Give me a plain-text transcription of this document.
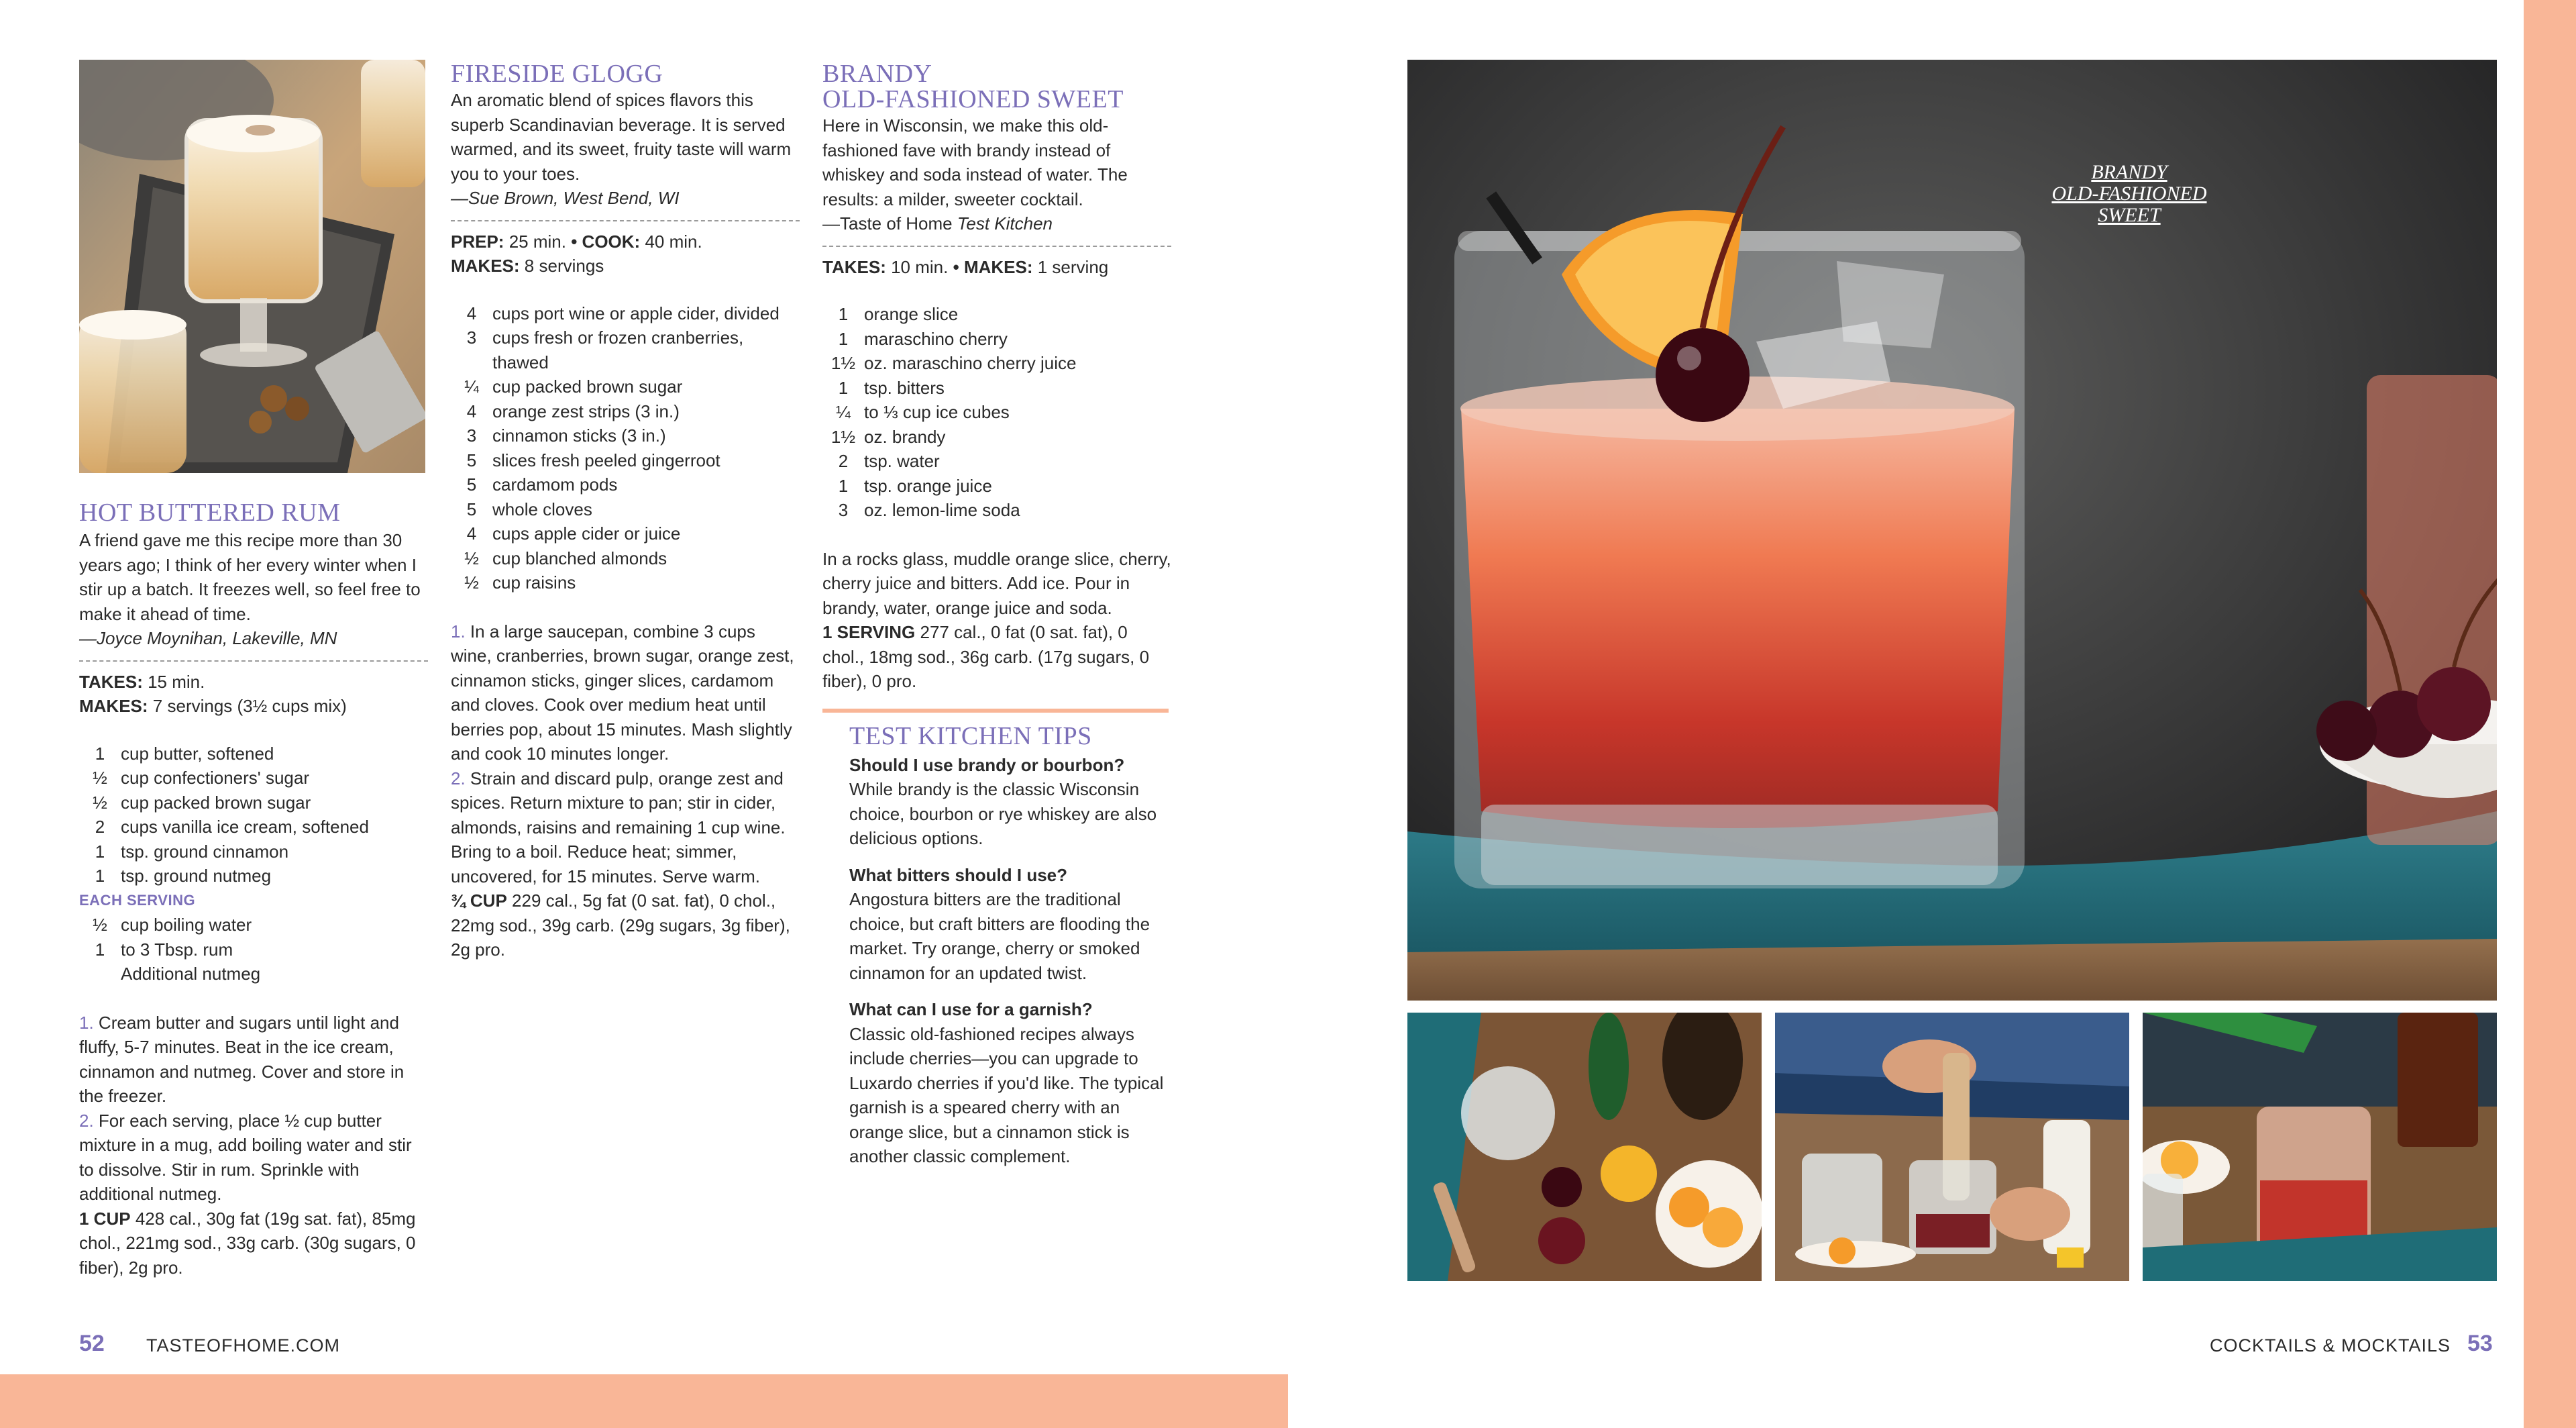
HOT BUTTERED RUM
A friend gave me this recipe more than 30 years ago; I think of her every winter when I stir up a batch. It freezes well, so feel free to make it ahead of time.
—Joyce Moynihan, Lakeville, MN
TAKES: 15 min.
MAKES: 7 servings (3½ cups mix)
1 cup butter, softened
½ cup confectioners' sugar
½ cup packed brown sugar
2 cups vanilla ice cream, softened
1 tsp. ground cinnamon
1 tsp. ground nutmeg
EACH SERVING
½ cup boiling water
1 to 3 Tbsp. rum
Additional nutmeg
1. Cream butter and sugars until light and fluffy, 5-7 minutes. Beat in the ice cream, cinnamon and nutmeg. Cover and store in the freezer.
2. For each serving, place ½ cup butter mixture in a mug, add boiling water and stir to dissolve. Stir in rum. Sprinkle with additional nutmeg.
1 CUP 428 cal., 30g fat (19g sat. fat), 85mg chol., 221mg sod., 33g carb. (30g sugars, 0 fiber), 2g pro.
FIRESIDE GLOGG
An aromatic blend of spices flavors this superb Scandinavian beverage. It is served warmed, and its sweet, fruity taste will warm you to your toes.
—Sue Brown, West Bend, WI
PREP: 25 min. • COOK: 40 min.
MAKES: 8 servings
4 cups port wine or apple cider, divided
3 cups fresh or frozen cranberries, thawed
¼ cup packed brown sugar
4 orange zest strips (3 in.)
3 cinnamon sticks (3 in.)
5 slices fresh peeled gingerroot
5 cardamom pods
5 whole cloves
4 cups apple cider or juice
½ cup blanched almonds
½ cup raisins
1. In a large saucepan, combine 3 cups wine, cranberries, brown sugar, orange zest, cinnamon sticks, ginger slices, cardamom and cloves. Cook over medium heat until berries pop, about 15 minutes. Mash slightly and cook 10 minutes longer.
2. Strain and discard pulp, orange zest and spices. Return mixture to pan; stir in cider, almonds, raisins and remaining 1 cup wine. Bring to a boil. Reduce heat; simmer, uncovered, for 15 minutes. Serve warm.
¾ CUP 229 cal., 5g fat (0 sat. fat), 0 chol., 22mg sod., 39g carb. (29g sugars, 3g fiber), 2g pro.
BRANDY
OLD-FASHIONED SWEET
Here in Wisconsin, we make this old-fashioned fave with brandy instead of whiskey and soda instead of water. The results: a milder, sweeter cocktail.
—Taste of Home Test Kitchen
TAKES: 10 min. • MAKES: 1 serving
1 orange slice
1 maraschino cherry
1½ oz. maraschino cherry juice
1 tsp. bitters
¼ to ⅓ cup ice cubes
1½ oz. brandy
2 tsp. water
1 tsp. orange juice
3 oz. lemon-lime soda
In a rocks glass, muddle orange slice, cherry, cherry juice and bitters. Add ice. Pour in brandy, water, orange juice and soda.
1 SERVING 277 cal., 0 fat (0 sat. fat), 0 chol., 18mg sod., 36g carb. (17g sugars, 0 fiber), 0 pro.
TEST KITCHEN TIPS
Should I use brandy or bourbon?
While brandy is the classic Wisconsin choice, bourbon or rye whiskey are also delicious options.
What bitters should I use?
Angostura bitters are the traditional choice, but craft bitters are flooding the market. Try orange, cherry or smoked cinnamon for an updated twist.
What can I use for a garnish?
Classic old-fashioned recipes always include cherries—you can upgrade to Luxardo cherries if you'd like. The typical garnish is a speared cherry with an orange slice, but a cinnamon stick is another classic complement.
52 TASTEOFHOME.COM
BRANDY
OLD-FASHIONED
SWEET
COCKTAILS & MOCKTAILS 53
